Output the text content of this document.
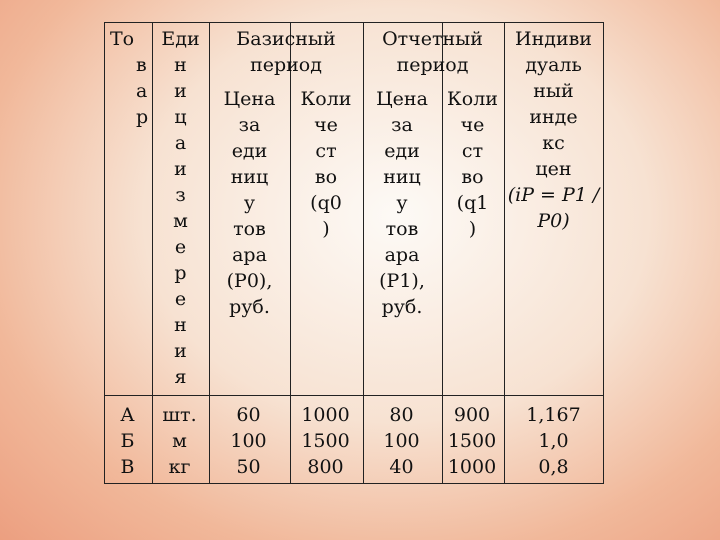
То
в
а
р
Еди
н
и
ц
а
и
з
м
е
р
е
н
и
я
Базисный
период
Отчетный
период
Цена
за
еди
ниц
у
тов
ара
(P0),
руб.
Коли
че
ст
во
(q0
)
Цена
за
еди
ниц
у
тов
ара
(P1),
руб.
Коли
че
ст
во
(q1
)
Индиви
дуаль
ный
инде
кс
цен
(iP = P1 /
P0)
А
Б
В
шт.
м
кг
60
100
50
1000
1500
800
80
100
40
900
1500
1000
1,167
1,0
0,8
